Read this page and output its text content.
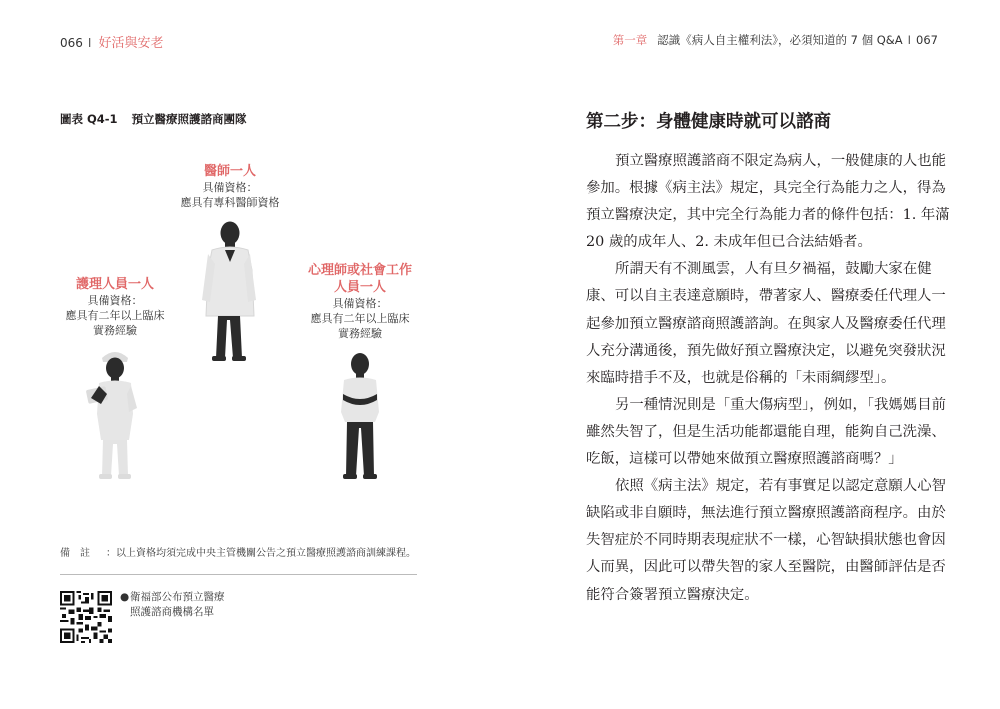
066 I 好活與安老
圖表 Q4-1 預立醫療照護諮商團隊
醫師一人
具備資格：
應具有專科醫師資格
護理人員一人
具備資格：
應具有二年以上臨床
實務經驗
心理師或社會工作
人員一人
具備資格：
應具有二年以上臨床
實務經驗
備註 ：以上資格均須完成中央主管機關公告之預立醫療照護諮商訓練課程。
●衛福部公布預立醫療
照護諮商機構名單
第一章 認識《病人自主權利法》，必須知道的 7 個 Q&A I 067
第二步：身體健康時就可以諮商
預立醫療照護諮商不限定為病人，一般健康的人也能
參加。根據《病主法》規定，具完全行為能力之人，得為
預立醫療決定，其中完全行為能力者的條件包括：1. 年滿
20 歲的成年人、2. 未成年但已合法結婚者。
所謂天有不測風雲，人有旦夕禍福，鼓勵大家在健
康、可以自主表達意願時，帶著家人、醫療委任代理人一
起參加預立醫療諮商照護諮詢。在與家人及醫療委任代理
人充分溝通後，預先做好預立醫療決定，以避免突發狀況
來臨時措手不及，也就是俗稱的「未雨綢繆型」。
另一種情況則是「重大傷病型」，例如，「我媽媽目前
雖然失智了，但是生活功能都還能自理，能夠自己洗澡、
吃飯，這樣可以帶她來做預立醫療照護諮商嗎？」
依照《病主法》規定，若有事實足以認定意願人心智
缺陷或非自願時，無法進行預立醫療照護諮商程序。由於
失智症於不同時期表現症狀不一樣，心智缺損狀態也會因
人而異，因此可以帶失智的家人至醫院，由醫師評估是否
能符合簽署預立醫療決定。
